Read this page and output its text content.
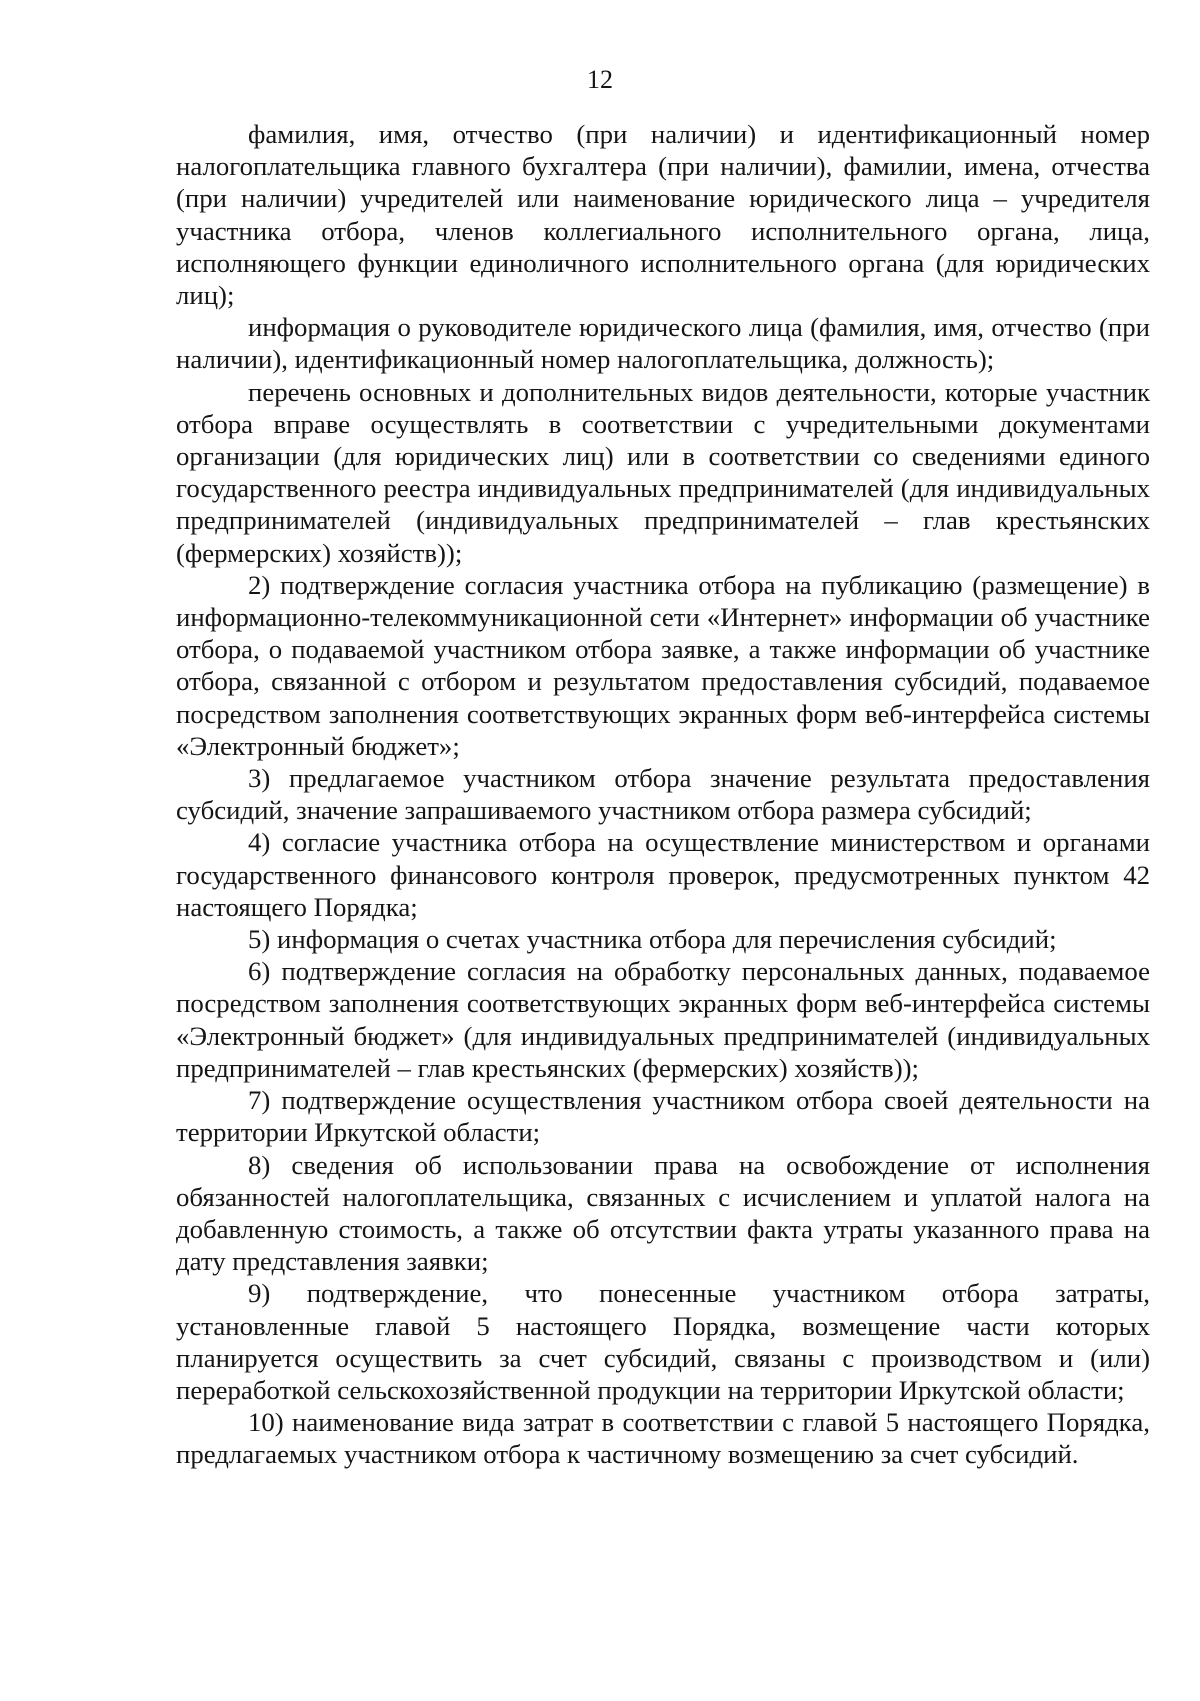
12

фамилия, имя, отчество (при наличии) и идентификационный номер налогоплательщика главного бухгалтера (при наличии), фамилии, имена, отчества (при наличии) учредителей или наименование юридического лица – учредителя участника отбора, членов коллегиального исполнительного органа, лица, исполняющего функции единоличного исполнительного органа (для юридических лиц);

информация о руководителе юридического лица (фамилия, имя, отчество (при наличии), идентификационный номер налогоплательщика, должность);

перечень основных и дополнительных видов деятельности, которые участник отбора вправе осуществлять в соответствии с учредительными документами организации (для юридических лиц) или в соответствии со сведениями единого государственного реестра индивидуальных предпринимателей (для индивидуальных предпринимателей (индивидуальных предпринимателей – глав крестьянских (фермерских) хозяйств));

2) подтверждение согласия участника отбора на публикацию (размещение) в информационно-телекоммуникационной сети «Интернет» информации об участнике отбора, о подаваемой участником отбора заявке, а также информации об участнике отбора, связанной с отбором и результатом предоставления субсидий, подаваемое посредством заполнения соответствующих экранных форм веб-интерфейса системы «Электронный бюджет»;

3) предлагаемое участником отбора значение результата предоставления субсидий, значение запрашиваемого участником отбора размера субсидий;

4) согласие участника отбора на осуществление министерством и органами государственного финансового контроля проверок, предусмотренных пунктом 42 настоящего Порядка;

5) информация о счетах участника отбора для перечисления субсидий;

6) подтверждение согласия на обработку персональных данных, подаваемое посредством заполнения соответствующих экранных форм веб-интерфейса системы «Электронный бюджет» (для индивидуальных предпринимателей (индивидуальных предпринимателей – глав крестьянских (фермерских) хозяйств));

7) подтверждение осуществления участником отбора своей деятельности на территории Иркутской области;

8) сведения об использовании права на освобождение от исполнения обязанностей налогоплательщика, связанных с исчислением и уплатой налога на добавленную стоимость, а также об отсутствии факта утраты указанного права на дату представления заявки;

9) подтверждение, что понесенные участником отбора затраты, установленные главой 5 настоящего Порядка, возмещение части которых планируется осуществить за счет субсидий, связаны с производством и (или) переработкой сельскохозяйственной продукции на территории Иркутской области;

10) наименование вида затрат в соответствии с главой 5 настоящего Порядка, предлагаемых участником отбора к частичному возмещению за счет субсидий.
